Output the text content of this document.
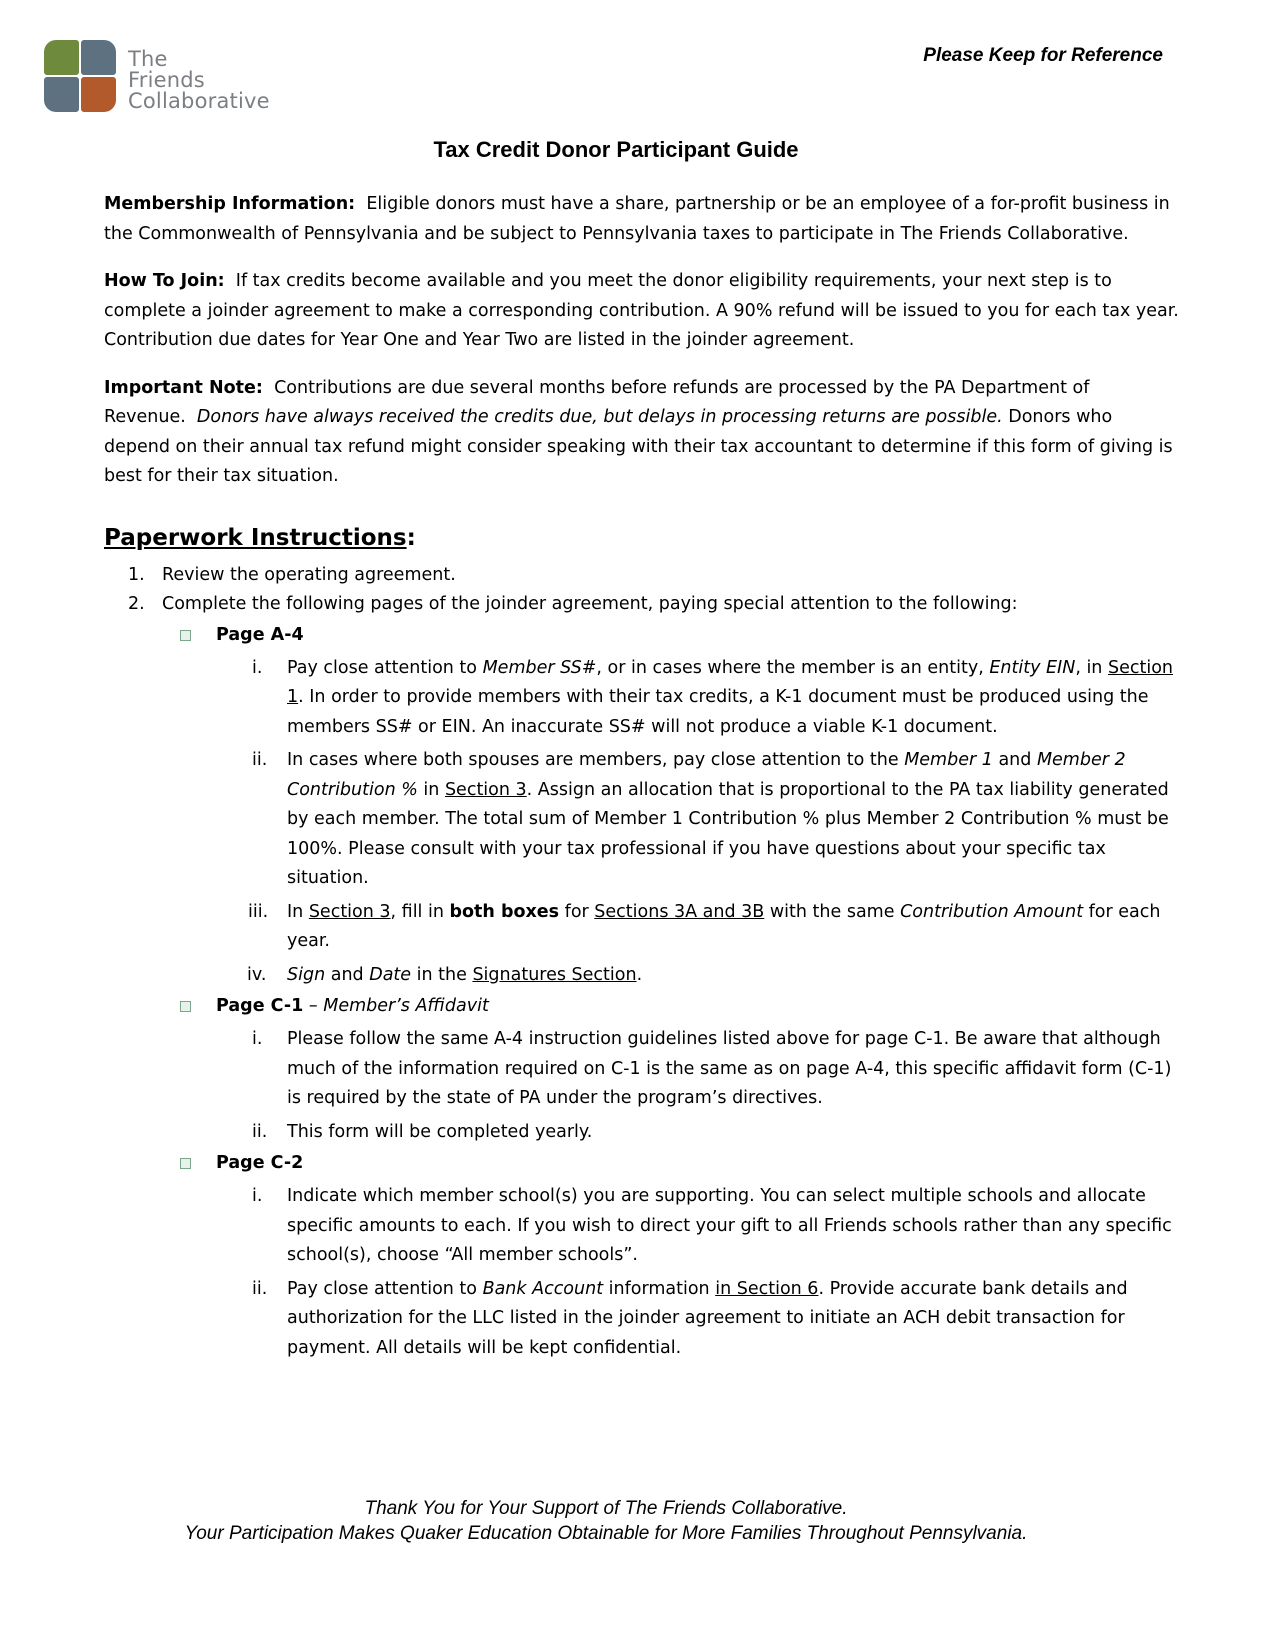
The
Friends
Collaborative
Please Keep for Reference
Tax Credit Donor Participant Guide

Membership Information: Eligible donors must have a share, partnership or be an employee of a for-profit business in the Commonwealth of Pennsylvania and be subject to Pennsylvania taxes to participate in The Friends Collaborative.

How To Join: If tax credits become available and you meet the donor eligibility requirements, your next step is to complete a joinder agreement to make a corresponding contribution. A 90% refund will be issued to you for each tax year. Contribution due dates for Year One and Year Two are listed in the joinder agreement.

Important Note: Contributions are due several months before refunds are processed by the PA Department of Revenue. Donors have always received the credits due, but delays in processing returns are possible. Donors who depend on their annual tax refund might consider speaking with their tax accountant to determine if this form of giving is best for their tax situation.

Paperwork Instructions:
1. Review the operating agreement.
2. Complete the following pages of the joinder agreement, paying special attention to the following:
Page A-4
i. Pay close attention to Member SS#, or in cases where the member is an entity, Entity EIN, in Section 1. In order to provide members with their tax credits, a K-1 document must be produced using the members SS# or EIN. An inaccurate SS# will not produce a viable K-1 document.
ii. In cases where both spouses are members, pay close attention to the Member 1 and Member 2 Contribution % in Section 3. Assign an allocation that is proportional to the PA tax liability generated by each member. The total sum of Member 1 Contribution % plus Member 2 Contribution % must be 100%. Please consult with your tax professional if you have questions about your specific tax situation.
iii. In Section 3, fill in both boxes for Sections 3A and 3B with the same Contribution Amount for each year.
iv. Sign and Date in the Signatures Section.
Page C-1 – Member’s Affidavit
i. Please follow the same A-4 instruction guidelines listed above for page C-1. Be aware that although much of the information required on C-1 is the same as on page A-4, this specific affidavit form (C-1) is required by the state of PA under the program’s directives.
ii. This form will be completed yearly.
Page C-2
i. Indicate which member school(s) you are supporting. You can select multiple schools and allocate specific amounts to each. If you wish to direct your gift to all Friends schools rather than any specific school(s), choose “All member schools”.
ii. Pay close attention to Bank Account information in Section 6. Provide accurate bank details and authorization for the LLC listed in the joinder agreement to initiate an ACH debit transaction for payment. All details will be kept confidential.
Thank You for Your Support of The Friends Collaborative.
Your Participation Makes Quaker Education Obtainable for More Families Throughout Pennsylvania.
